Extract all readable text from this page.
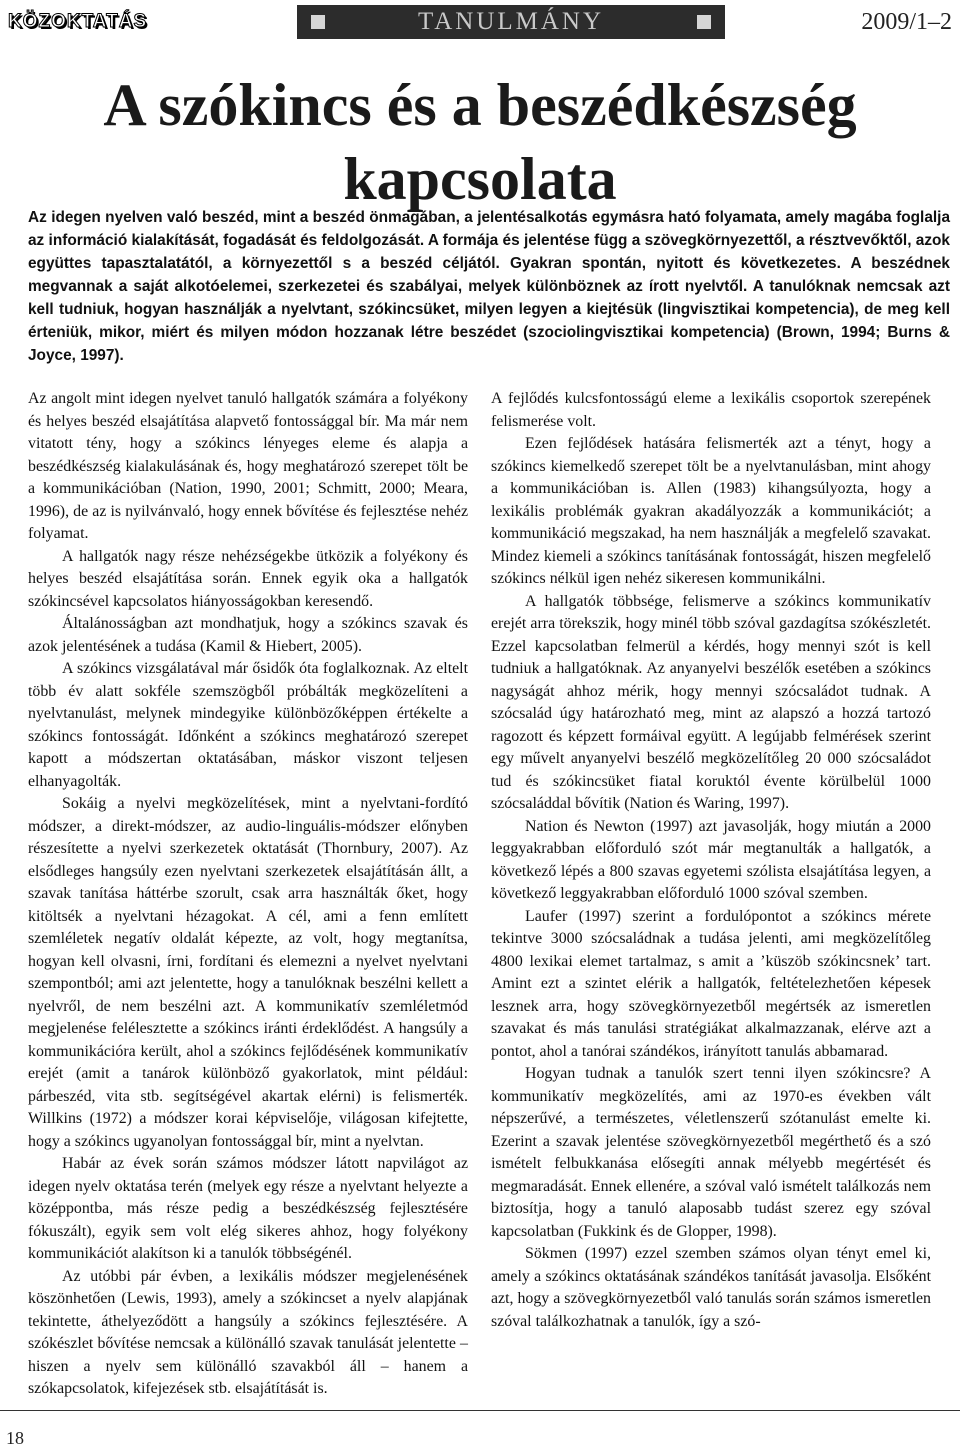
KÖZOKTATÁS	2009/1–2
TANULMÁNY
A szókincs és a beszédkészség
kapcsolata

Az idegen nyelven való beszéd, mint a beszéd önmagában, a jelentésalkotás egymásra ható folyamata, amely magába foglalja az információ kialakítását, fogadását és feldolgozását. A formája és jelentése függ a szövegkörnyezettől, a résztvevőktől, azok együttes tapasztalatától, a környezettől s a beszéd céljától. Gyakran spontán, nyitott és következetes. A beszédnek megvannak a saját alkotóelemei, szerkezetei és szabályai, melyek különböznek az írott nyelvtől. A tanulóknak nemcsak azt kell tudniuk, hogyan használják a nyelvtant, szókincsüket, milyen legyen a kiejtésük (lingvisztikai kompetencia), de meg kell érteniük, mikor, miért és milyen módon hozzanak létre beszédet (szociolingvisztikai kompetencia) (Brown, 1994; Burns & Joyce, 1997).

Az angolt mint idegen nyelvet tanuló hallgatók számára a folyékony és helyes beszéd elsajátítása alapvető fontossággal bír. Ma már nem vitatott tény, hogy a szókincs lényeges eleme és alapja a beszédkészség kialakulásának és, hogy meghatározó szerepet tölt be a kommunikációban (Nation, 1990, 2001; Schmitt, 2000; Meara, 1996), de az is nyilvánvaló, hogy ennek bővítése és fejlesztése nehéz folyamat.

A hallgatók nagy része nehézségekbe ütközik a folyékony és helyes beszéd elsajátítása során. Ennek egyik oka a hallgatók szókincsével kapcsolatos hiányosságokban keresendő.

Általánosságban azt mondhatjuk, hogy a szókincs szavak és azok jelentésének a tudása (Kamil & Hiebert, 2005).

A szókincs vizsgálatával már ősidők óta foglalkoznak. Az eltelt több év alatt sokféle szemszögből próbálták megközelíteni a nyelvtanulást, melynek mindegyike különbözőképpen értékelte a szókincs fontosságát. Időnként a szókincs meghatározó szerepet kapott a módszertan oktatásában, máskor viszont teljesen elhanyagolták.

Sokáig a nyelvi megközelítések, mint a nyelvtani-fordító módszer, a direkt-módszer, az audio-linguális-módszer előnyben részesítette a nyelvi szerkezetek oktatását (Thornbury, 2007). Az elsődleges hangsúly ezen nyelvtani szerkezetek elsajátításán állt, a szavak tanítása háttérbe szorult, csak arra használták őket, hogy kitöltsék a nyelvtani hézagokat. A cél, ami a fenn említett szemléletek negatív oldalát képezte, az volt, hogy megtanítsa, hogyan kell olvasni, írni, fordítani és elemezni a nyelvet nyelvtani szempontból; ami azt jelentette, hogy a tanulóknak beszélni kellett a nyelvről, de nem beszélni azt. A kommunikatív szemléletmód megjelenése felélesztette a szókincs iránti érdeklődést. A hangsúly a kommunikációra került, ahol a szókincs fejlődésének kommunikatív erejét (amit a tanárok különböző gyakorlatok, mint például: párbeszéd, vita stb. segítségével akartak elérni) is felismerték. Willkins (1972) a módszer korai képviselője, világosan kifejtette, hogy a szókincs ugyanolyan fontossággal bír, mint a nyelvtan.

Habár az évek során számos módszer látott napvilágot az idegen nyelv oktatása terén (melyek egy része a nyelvtant helyezte a középpontba, más része pedig a beszédkészség fejlesztésére fókuszált), egyik sem volt elég sikeres ahhoz, hogy folyékony kommunikációt alakítson ki a tanulók többségénél.

Az utóbbi pár évben, a lexikális módszer megjelenésének köszönhetően (Lewis, 1993), amely a szókincset a nyelv alapjának tekintette, áthelyeződött a hangsúly a szókincs fejlesztésére. A szókészlet bővítése nemcsak a különálló szavak tanulását jelentette – hiszen a nyelv sem különálló szavakból áll – hanem a szókapcsolatok, kifejezések stb. elsajátítását is.

A fejlődés kulcsfontosságú eleme a lexikális csoportok szerepének felismerése volt.

Ezen fejlődések hatására felismerték azt a tényt, hogy a szókincs kiemelkedő szerepet tölt be a nyelvtanulásban, mint ahogy a kommunikációban is. Allen (1983) kihangsúlyozta, hogy a lexikális problémák gyakran akadályozzák a kommunikációt; a kommunikáció megszakad, ha nem használják a megfelelő szavakat. Mindez kiemeli a szókincs tanításának fontosságát, hiszen megfelelő szókincs nélkül igen nehéz sikeresen kommunikálni.

A hallgatók többsége, felismerve a szókincs kommunikatív erejét arra törekszik, hogy minél több szóval gazdagítsa szókészletét. Ezzel kapcsolatban felmerül a kérdés, hogy mennyi szót is kell tudniuk a hallgatóknak. Az anyanyelvi beszélők esetében a szókincs nagyságát ahhoz mérik, hogy mennyi szócsaládot tudnak. A szócsalád úgy határozható meg, mint az alapszó a hozzá tartozó ragozott és képzett formáival együtt. A legújabb felmérések szerint egy művelt anyanyelvi beszélő megközelítőleg 20 000 szócsaládot tud és szókincsüket fiatal koruktól évente körülbelül 1000 szócsaláddal bővítik (Nation és Waring, 1997).

Nation és Newton (1997) azt javasolják, hogy miután a 2000 leggyakrabban előforduló szót már megtanulták a hallgatók, a következő lépés a 800 szavas egyetemi szólista elsajátítása legyen, a következő leggyakrabban előforduló 1000 szóval szemben.

Laufer (1997) szerint a fordulópontot a szókincs mérete tekintve 3000 szócsaládnak a tudása jelenti, ami megközelítőleg 4800 lexikai elemet tartalmaz, s amit a ’küszöb szókincsnek’ tart. Amint ezt a szintet elérik a hallgatók, feltételezhetően képesek lesznek arra, hogy szövegkörnyezetből megértsék az ismeretlen szavakat és más tanulási stratégiákat alkalmazzanak, elérve azt a pontot, ahol a tanórai szándékos, irányított tanulás abbamarad.

Hogyan tudnak a tanulók szert tenni ilyen szókincsre? A kommunikatív megközelítés, ami az 1970-es években vált népszerűvé, a természetes, véletlenszerű szótanulást emelte ki. Ezerint a szavak jelentése szövegkörnyezetből megérthető és a szó ismételt felbukkanása elősegíti annak mélyebb megértését és megmaradását. Ennek ellenére, a szóval való ismételt találkozás nem biztosítja, hogy a tanuló alaposabb tudást szerez egy szóval kapcsolatban (Fukkink és de Glopper, 1998).

Sökmen (1997) ezzel szemben számos olyan tényt emel ki, amely a szókincs oktatásának szándékos tanítását javasolja. Elsőként azt, hogy a szövegkörnyezetből való tanulás során számos ismeretlen szóval találkozhatnak a tanulók, így a szó-

18
